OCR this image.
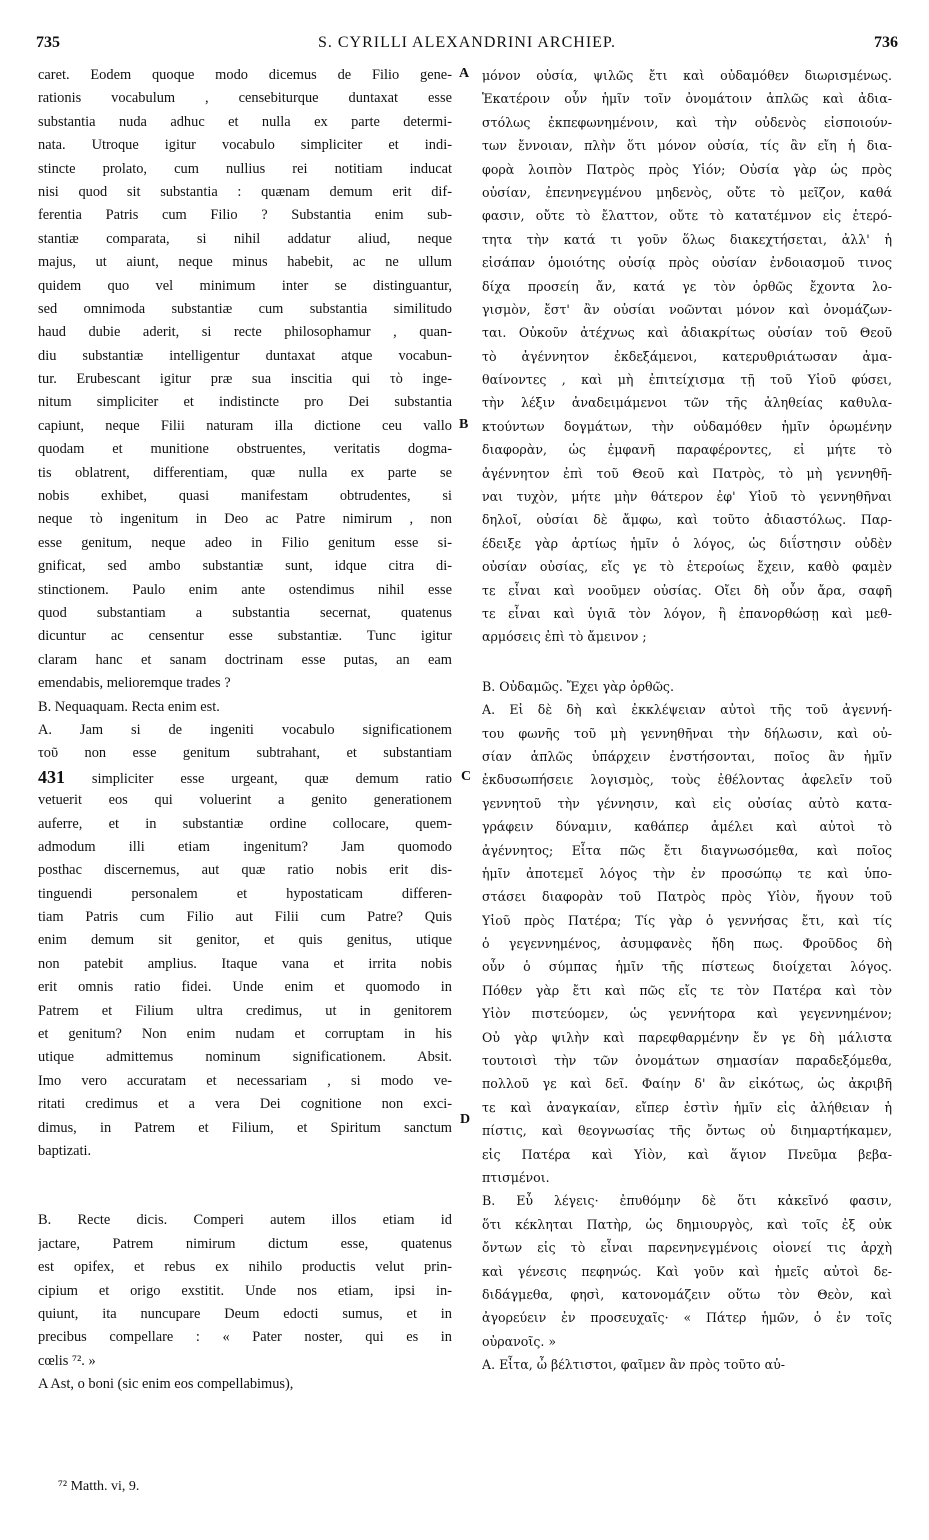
735	S. CYRILLI ALEXANDRINI ARCHIEP.	736
caret. Eodem quoque modo dicemus de Filio gene-
rationis vocabulum , censebiturque duntaxat esse
substantia nuda adhuc et nulla ex parte determi-
nata. Utroque igitur vocabulo simpliciter et indi-
stincte prolato, cum nullius rei notitiam inducat
nisi quod sit substantia : quænam demum erit dif-
ferentia Patris cum Filio ? Substantia enim sub-
stantiæ comparata, si nihil addatur aliud, neque
majus, ut aiunt, neque minus habebit, ac ne ullum
quidem quo vel minimum inter se distinguantur,
sed omnimoda substantiæ cum substantia similitudo
haud dubie aderit, si recte philosophamur , quan-
diu substantiæ intelligentur duntaxat atque vocabun-
tur. Erubescant igitur præ sua inscitia qui τὸ inge-
nitum simpliciter et indistincte pro Dei substantia
capiunt, neque Filii naturam illa dictione ceu vallo
quodam et munitione obstruentes, veritatis dogma-
tis oblatrent, differentiam, quæ nulla ex parte se
nobis exhibet, quasi manifestam obtrudentes, si
neque τὸ ingenitum in Deo ac Patre nimirum , non
esse genitum, neque adeo in Filio genitum esse si-
gnificat, sed ambo substantiæ sunt, idque citra di-
stinctionem. Paulo enim ante ostendimus nihil esse
quod substantiam a substantia secernat, quatenus
dicuntur ac censentur esse substantiæ. Tunc igitur
claram hanc et sanam doctrinam esse putas, an eam
emendabis, melioremque trades ?
B. Nequaquam. Recta enim est.
A. Jam si de ingeniti vocabulo significationem
τοῦ non esse genitum subtrahant, et substantiam
431 simpliciter esse urgeant, quæ demum ratio
vetuerit eos qui voluerint a genito generationem
auferre, et in substantiæ ordine collocare, quem-
admodum illi etiam ingenitum? Jam quomodo
posthac discernemus, aut quæ ratio nobis erit dis-
tinguendi personalem et hypostaticam differen-
tiam Patris cum Filio aut Filii cum Patre? Quis
enim demum sit genitor, et quis genitus, utique
non patebit amplius. Itaque vana et irrita nobis
erit omnis ratio fidei. Unde enim et quomodo in
Patrem et Filium ultra credimus, ut in genitorem
et genitum? Non enim nudam et corruptam in his
utique admittemus nominum significationem. Absit.
Imo vero accuratam et necessariam , si modo ve-
ritati credimus et a vera Dei cognitione non exci-
dimus, in Patrem et Filium, et Spiritum sanctum
baptizati.
B. Recte dicis. Comperi autem illos etiam id
jactare, Patrem nimirum dictum esse, quatenus
est opifex, et rebus ex nihilo productis velut prin-
cipium et origo exstitit. Unde nos etiam, ipsi in-
quiunt, ita nuncupare Deum edocti sumus, et in
precibus compellare : « Pater noster, qui es in
cœlis ⁷². »
A Ast, o boni (sic enim eos compellabimus),
μόνον οὐσία, ψιλῶς ἔτι καὶ οὐδαμόθεν διωρισμένως.
Ἑκατέροιν οὖν ἡμῖν τοῖν ὀνομάτοιν ἁπλῶς καὶ ἀδια-
στόλως ἐκπεφωνημένοιν, καὶ τὴν οὐδενὸς εἰσποιούν-
των ἔννοιαν, πλὴν ὅτι μόνον οὐσία, τίς ἂν εἴη ἡ δια-
φορὰ λοιπὸν Πατρὸς πρὸς Υἱόν; Οὐσία γὰρ ὡς πρὸς
οὐσίαν, ἐπενηνεγμένου μηδενὸς, οὔτε τὸ μεῖζον, καθά
φασιν, οὔτε τὸ ἔλαττον, οὔτε τὸ κατατέμνον εἰς ἑτερό-
τητα τὴν κατά τι γοῦν ὅλως διακεχτήσεται, ἀλλ' ἡ
εἰσάπαν ὁμοιότης οὐσίᾳ πρὸς οὐσίαν ἐνδοιασμοῦ τινος
δίχα προσείη ἄν, κατά γε τὸν ὀρθῶς ἔχοντα λο-
γισμὸν, ἔστ' ἂν οὐσίαι νοῶνται μόνον καὶ ὀνομάζων-
ται. Οὐκοῦν ἀτέχνως καὶ ἀδιακρίτως οὐσίαν τοῦ Θεοῦ
τὸ ἀγέννητον ἐκδεξάμενοι, κατερυθριάτωσαν ἀμα-
θαίνοντες , καὶ μὴ ἐπιτείχισμα τῇ τοῦ Υἱοῦ φύσει,
τὴν λέξιν ἀναδειμάμενοι τῶν τῆς ἀληθείας καθυλα-
κτούντων δογμάτων, τὴν οὐδαμόθεν ἡμῖν ὁρωμένην
διαφορὰν, ὡς ἐμφανῆ παραφέροντες, εἰ μήτε τὸ
ἀγέννητον ἐπὶ τοῦ Θεοῦ καὶ Πατρὸς, τὸ μὴ γεννηθῆ-
ναι τυχὸν, μήτε μὴν θάτερον ἐφ' Υἱοῦ τὸ γεννηθῆναι
δηλοῖ, οὐσίαι δὲ ἄμφω, καὶ τοῦτο ἀδιαστόλως. Παρ-
έδειξε γὰρ ἀρτίως ἡμῖν ὁ λόγος, ὡς διΐστησιν οὐδὲν
οὐσίαν οὐσίας, εἴς γε τὸ ἑτεροίως ἔχειν, καθὸ φαμὲν
τε εἶναι καὶ νοοῦμεν οὐσίας. Οἴει δὴ οὖν ἄρα, σαφῆ
τε εἶναι καὶ ὑγιᾶ τὸν λόγον, ἢ ἐπανορθώσῃ καὶ μεθ-
αρμόσεις ἐπὶ τὸ ἄμεινον ;
Β. Οὐδαμῶς. Ἔχει γὰρ ὀρθῶς.
Α. Εἰ δὲ δὴ καὶ ἐκκλέψειαν αὐτοὶ τῆς τοῦ ἀγεννή-
του φωνῆς τοῦ μὴ γεννηθῆναι τὴν δήλωσιν, καὶ οὐ-
σίαν ἁπλῶς ὑπάρχειν ἐνστήσονται, ποῖος ἂν ἡμῖν
ἐκδυσωπήσειε λογισμὸς, τοὺς ἐθέλοντας ἀφελεῖν τοῦ
γεννητοῦ τὴν γέννησιν, καὶ εἰς οὐσίας αὐτὸ κατα-
γράφειν δύναμιν, καθάπερ ἀμέλει καὶ αὐτοὶ τὸ
ἀγέννητος; Εἶτα πῶς ἔτι διαγνωσόμεθα, καὶ ποῖος
ἡμῖν ἀποτεμεῖ λόγος τὴν ἐν προσώπῳ τε καὶ ὑπο-
στάσει διαφορὰν τοῦ Πατρὸς πρὸς Υἱὸν, ἤγουν τοῦ
Υἱοῦ πρὸς Πατέρα; Τίς γὰρ ὁ γεννήσας ἔτι, καὶ τίς
ὁ γεγεννημένος, ἀσυμφανὲς ἤδη πως. Φροῦδος δὴ
οὖν ὁ σύμπας ἡμῖν τῆς πίστεως διοίχεται λόγος.
Πόθεν γὰρ ἔτι καὶ πῶς εἴς τε τὸν Πατέρα καὶ τὸν
Υἱὸν πιστεύομεν, ὡς γεννήτορα καὶ γεγεννημένον;
Οὐ γὰρ ψιλὴν καὶ παρεφθαρμένην ἔν γε δὴ μάλιστα
τουτοισὶ τὴν τῶν ὀνομάτων σημασίαν παραδεξόμεθα,
πολλοῦ γε καὶ δεῖ. Φαίην δ' ἂν εἰκότως, ὡς ἀκριβῆ
τε καὶ ἀναγκαίαν, εἴπερ ἐστὶν ἡμῖν εἰς ἀλήθειαν ἡ
πίστις, καὶ θεογνωσίας τῆς ὄντως οὐ διημαρτήκαμεν,
εἰς Πατέρα καὶ Υἱὸν, καὶ ἅγιον Πνεῦμα βεβα-
πτισμένοι.
Β. Εὖ λέγεις· ἐπυθόμην δὲ ὅτι κἀκεῖνό φασιν,
ὅτι κέκληται Πατὴρ, ὡς δημιουργὸς, καὶ τοῖς ἐξ οὐκ
ὄντων εἰς τὸ εἶναι παρενηνεγμένοις οἱονεί τις ἀρχὴ
καὶ γένεσις πεφηνώς. Καὶ γοῦν καὶ ἡμεῖς αὐτοὶ δε-
διδάγμεθα, φησὶ, κατονομάζειν οὕτω τὸν Θεὸν, καὶ
ἀγορεύειν ἐν προσευχαῖς· « Πάτερ ἡμῶν, ὁ ἐν τοῖς
οὐρανοῖς. »
Α. Εἶτα, ὦ βέλτιστοι, φαῖμεν ἂν πρὸς τοῦτο αὐ-
A
B
C
D
⁷² Matth. vi, 9.
